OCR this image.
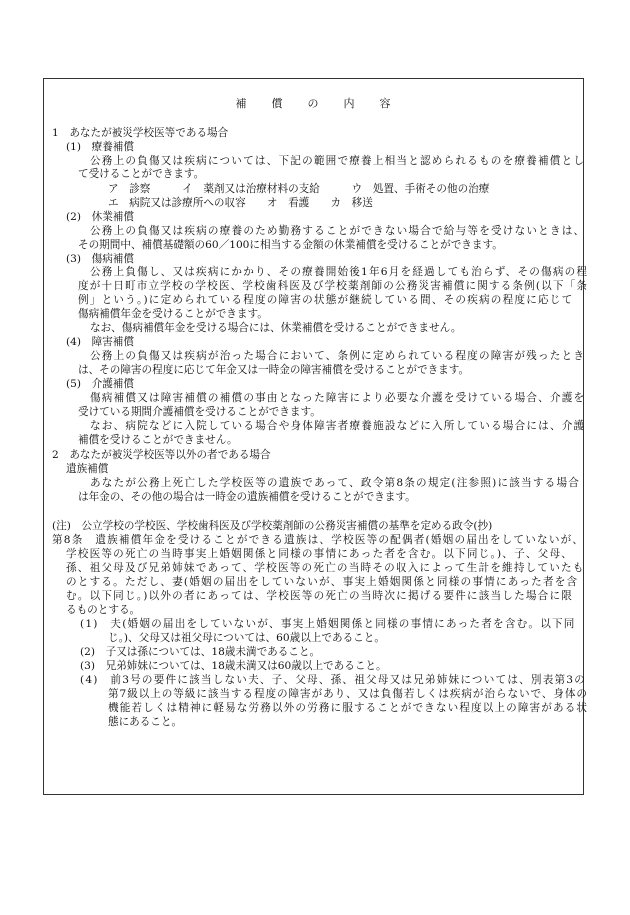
補　　償　　の　　内　　容
1　あなたが被災学校医等である場合
(1)　療養補償
公務上の負傷又は疾病については、下記の範囲で療養上相当と認められるものを療養補償とし
て受けることができます。
ア　診察　　　イ　薬剤又は治療材料の支給　　　ウ　処置、手術その他の治療
エ　病院又は診療所への収容　　オ　看護　　カ　移送
(2)　休業補償
公務上の負傷又は疾病の療養のため勤務することができない場合で給与等を受けないときは、
その期間中、補償基礎額の60／100に相当する金額の休業補償を受けることができます。
(3)　傷病補償
公務上負傷し、又は疾病にかかり、その療養開始後1年6月を経過しても治らず、その傷病の程
度が十日町市立学校の学校医、学校歯科医及び学校薬剤師の公務災害補償に関する条例(以下「条
例」という。)に定められている程度の障害の状態が継続している間、その疾病の程度に応じて
傷病補償年金を受けることができます。
なお、傷病補償年金を受ける場合には、休業補償を受けることができません。
(4)　障害補償
公務上の負傷又は疾病が治った場合において、条例に定められている程度の障害が残ったとき
は、その障害の程度に応じて年金又は一時金の障害補償を受けることができます。
(5)　介護補償
傷病補償又は障害補償の補償の事由となった障害により必要な介護を受けている場合、介護を
受けている期間介護補償を受けることができます。
なお、病院などに入院している場合や身体障害者療養施設などに入所している場合には、介護
補償を受けることができません。
2　あなたが被災学校医等以外の者である場合
遺族補償
あなたが公務上死亡した学校医等の遺族であって、政令第8条の規定(注参照)に該当する場合
は年金の、その他の場合は一時金の遺族補償を受けることができます。
(注)　公立学校の学校医、学校歯科医及び学校薬剤師の公務災害補償の基準を定める政令(抄)
第8条　遺族補償年金を受けることができる遺族は、学校医等の配偶者(婚姻の届出をしていないが、
学校医等の死亡の当時事実上婚姻関係と同様の事情にあった者を含む。以下同じ。)、子、父母、
孫、祖父母及び兄弟姉妹であって、学校医等の死亡の当時その収入によって生計を維持していたも
のとする。ただし、妻(婚姻の届出をしていないが、事実上婚姻関係と同様の事情にあった者を含
む。以下同じ。)以外の者にあっては、学校医等の死亡の当時次に掲げる要件に該当した場合に限
るものとする。
(1)　夫(婚姻の届出をしていないが、事実上婚姻関係と同様の事情にあった者を含む。以下同
じ。)、父母又は祖父母については、60歳以上であること。
(2)　子又は孫については、18歳未満であること。
(3)　兄弟姉妹については、18歳未満又は60歳以上であること。
(4)　前3号の要件に該当しない夫、子、父母、孫、祖父母又は兄弟姉妹については、別表第3の
第7級以上の等級に該当する程度の障害があり、又は負傷若しくは疾病が治らないで、身体の
機能若しくは精神に軽易な労務以外の労務に服することができない程度以上の障害がある状
態にあること。
